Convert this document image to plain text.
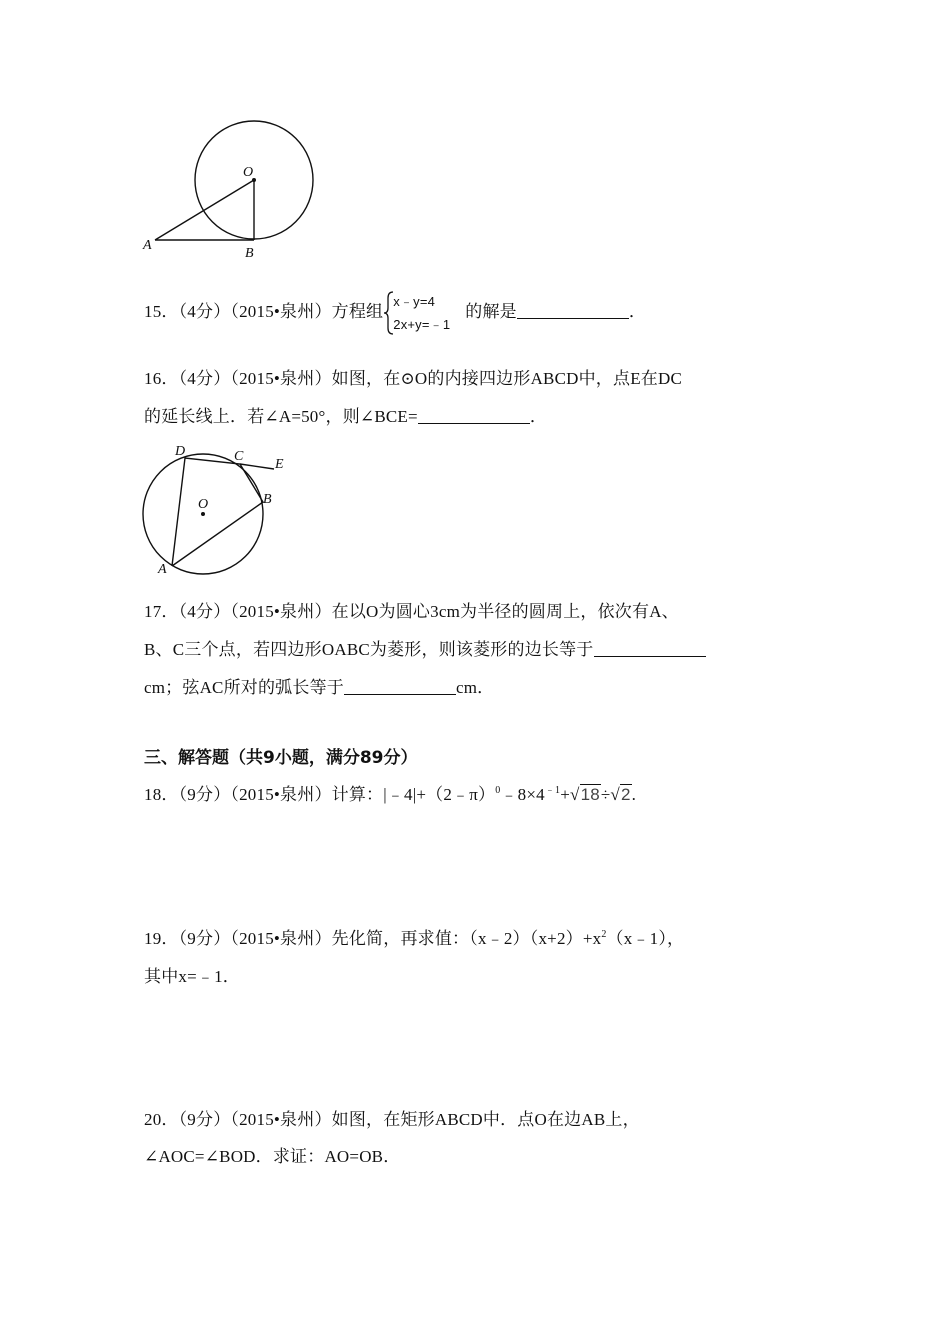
O
A
B
15．（4分）（2015•泉州）方程组
x﹣y=4
2x+y=﹣1
的解是	．
16．（4分）（2015•泉州）如图，在⊙O的内接四边形ABCD中，点E在DC
的延长线上．若∠A=50°，则∠BCE=	．
D	C
E
O	B
A
17．（4分）（2015•泉州）在以O为圆心3cm为半径的圆周上，依次有A、
B、C三个点，若四边形OABC为菱形，则该菱形的边长等于
cm；弦AC所对的弧长等于	cm．
三、解答题（共9小题，满分89分）
18．（9分）（2015•泉州）计算：$|﹣4|+(2﹣\pi)^0﹣8\times 4^{﹣1}+√18\div√2$.
19．（9分）（2015•泉州）先化简，再求值：$(x﹣2)(x+2)+x^2(x﹣1)$，
其中x=﹣1．
20．（9分）（2015•泉州）如图，在矩形ABCD中．点O在边AB上，
∠AOC=∠BOD．求证：AO=OB．
